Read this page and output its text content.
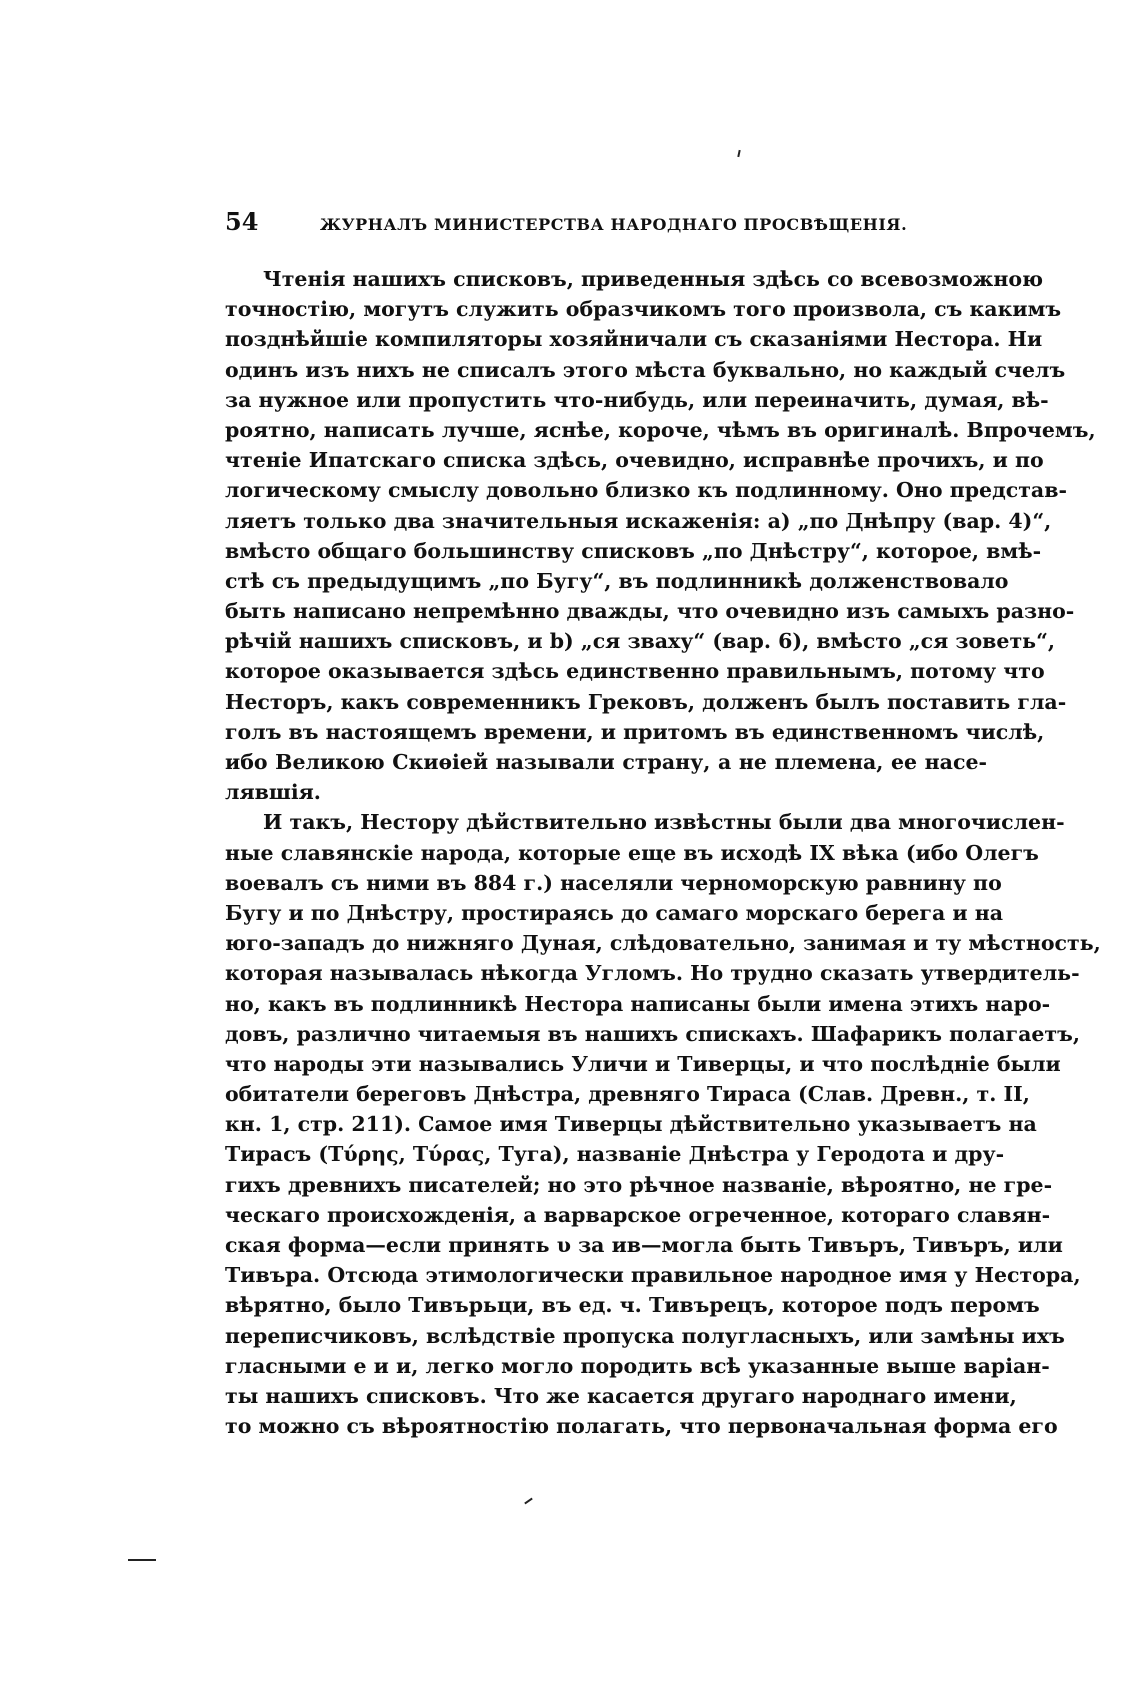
54	ЖУРНАЛЪ МИНИСТЕРСТВА НАРОДНАГО ПРОСВѢЩЕНІЯ.
Чтенія нашихъ списковъ, приведенныя здѣсь со всевозможною
точностію, могутъ служить образчикомъ того произвола, съ какимъ
позднѣйшіе компиляторы хозяйничали съ сказаніями Нестора. Ни
одинъ изъ нихъ не списалъ этого мѣста буквально, но каждый счелъ
за нужное или пропустить что-нибудь, или переиначить, думая, вѣ-
роятно, написать лучше, яснѣе, короче, чѣмъ въ оригиналѣ. Впрочемъ,
чтеніе Ипатскаго списка здѣсь, очевидно, исправнѣе прочихъ, и по
логическому смыслу довольно близко къ подлинному. Оно представ-
ляетъ только два значительныя искаженія: a) „по Днѣпру (вар. 4)“,
вмѣсто общаго большинству списковъ „по Днѣстру“, которое, вмѣ-
стѣ съ предыдущимъ „по Бугу“, въ подлинникѣ долженствовало
быть написано непремѣнно дважды, что очевидно изъ самыхъ разно-
рѣчій нашихъ списковъ, и b) „ся зваху“ (вар. 6), вмѣсто „ся зоветь“,
которое оказывается здѣсь единственно правильнымъ, потому что
Несторъ, какъ современникъ Грековъ, долженъ былъ поставить гла-
голъ въ настоящемъ времени, и притомъ въ единственномъ числѣ,
ибо Великою Скиѳіей называли страну, а не племена, ее насе-
лявшія.
И такъ, Нестору дѣйствительно извѣстны были два многочислен-
ные славянскіе народа, которые еще въ исходѣ IX вѣка (ибо Олегъ
воевалъ съ ними въ 884 г.) населяли черноморскую равнину по
Бугу и по Днѣстру, простираясь до самаго морскаго берега и на
юго-западъ до нижняго Дуная, слѣдовательно, занимая и ту мѣстность,
которая называлась нѣкогда Угломъ. Но трудно сказать утвердитель-
но, какъ въ подлинникѣ Нестора написаны были имена этихъ наро-
довъ, различно читаемыя въ нашихъ спискахъ. Шафарикъ полагаетъ,
что народы эти назывались Уличи и Тиверцы, и что послѣдніе были
обитатели береговъ Днѣстра, древняго Тираса (Слав. Древн., т. II,
кн. 1, стр. 211). Самое имя Тиверцы дѣйствительно указываетъ на
Тирасъ (Τύρης, Τύρας, Туга), названіе Днѣстра у Геродота и дру-
гихъ древнихъ писателей; но это рѣчное названіе, вѣроятно, не гре-
ческаго происхожденія, а варварское огреченное, котораго славян-
ская форма—если принять υ за ив—могла быть Тивъръ, Тивъръ, или
Тивъра. Отсюда этимологически правильное народное имя у Нестора,
вѣрятно, было Тивърьци, въ ед. ч. Тивърецъ, которое подъ перомъ
переписчиковъ, вслѣдствіе пропуска полугласныхъ, или замѣны ихъ
гласными е и и, легко могло породить всѣ указанные выше варіан-
ты нашихъ списковъ. Что же касается другаго народнаго имени,
то можно съ вѣроятностію полагать, что первоначальная форма его
